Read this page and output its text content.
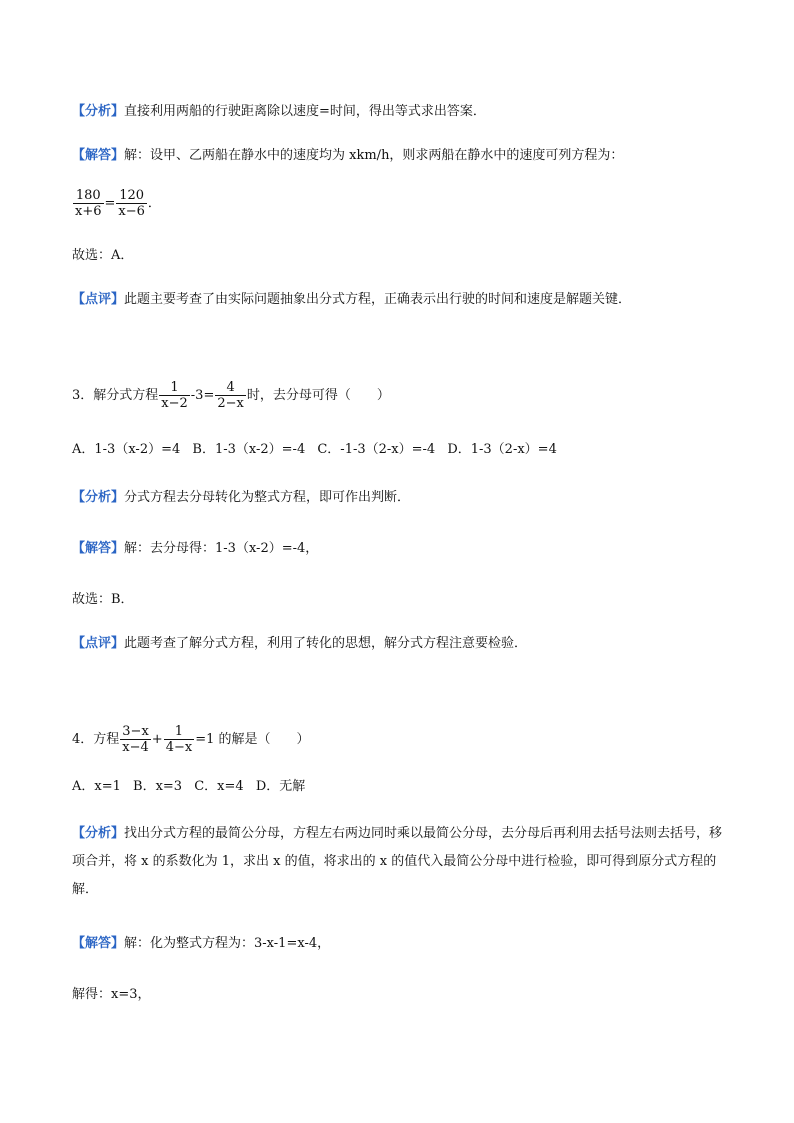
【分析】直接利用两船的行驶距离除以速度=时间，得出等式求出答案．
【解答】解：设甲、乙两船在静水中的速度均为 xkm/h，则求两船在静水中的速度可列方程为：
$\frac{180}{x+6} = \frac{120}{x-6}$ ．
故选：A．
【点评】此题主要考查了由实际问题抽象出分式方程，正确表示出行驶的时间和速度是解题关键．
3．解分式方程 $\frac{1}{x-2} -3= \frac{4}{2-x}$ 时，去分母可得（　　）
A．1-3（x-2）=4 B．1-3（x-2）=-4 C．-1-3（2-x）=-4 D．1-3（2-x）=4
【分析】分式方程去分母转化为整式方程，即可作出判断．
【解答】解：去分母得：1-3（x-2）=-4，
故选：B．
【点评】此题考查了解分式方程，利用了转化的思想，解分式方程注意要检验．
4．方程 $\frac{3-x}{x-4} + \frac{1}{4-x} =1$ 的解是（　　）
A．x=1 B．x=3 C．x=4 D．无解
【分析】找出分式方程的最简公分母，方程左右两边同时乘以最简公分母，去分母后再利用去括号法则去括号，移项合并，将 x 的系数化为 1，求出 x 的值，将求出的 x 的值代入最简公分母中进行检验，即可得到原分式方程的解．
【解答】解：化为整式方程为：3-x-1=x-4，
解得：x=3，
